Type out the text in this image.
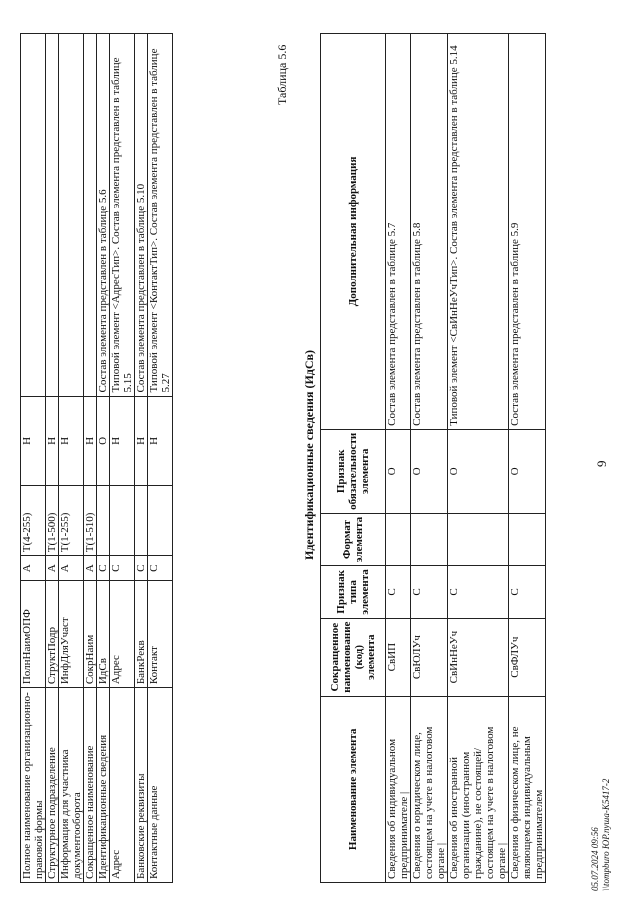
9
Полное наименование организационно-правовой формы	ПолнНаимОПФ	А	T(4-255)	Н	
Структурное подразделение	СтруктПодр	А	T(1-500)	Н	
Информация для участника документооборота	ИнфДляУчаст	А	T(1-255)	Н	
Сокращенное наименование	СокрНаим	А	T(1-510)	Н	
Идентификационные сведения	ИдСв	С		О	Состав элемента представлен в таблице 5.6
Адрес	Адрес	С		Н	Типовой элемент <АдресТип>. Состав элемента представлен в таблице 5.15
Банковские реквизиты	БанкРекв	С		Н	Состав элемента представлен в таблице 5.10
Контактные данные	Контакт	С		Н	Типовой элемент <КонтактТип>. Состав элемента представлен в таблице 5.27
Таблица 5.6
Идентификационные сведения (ИдСв)
Наименование элемента	Сокращенное наименование (код) элемента	Признак типа элемента	Формат элемента	Признак обязательности элемента	Дополнительная информация
Сведения об индивидуальном предпринимателе |	СвИП	С		О	Состав элемента представлен в таблице 5.7
Сведения о юридическом лице, состоящем на учете в налоговом органе |	СвЮЛУч	С		О	Состав элемента представлен в таблице 5.8
Сведения об иностранной организации (иностранном гражданине), не состоящей/состоящем на учете в налоговом органе |	СвИнНеУч	С		О	Типовой элемент <СвИнНеУчТип>. Состав элемента представлен в таблице 5.14
Сведения о физическом лице, не являющемся индивидуальным предпринимателем	СвФЛУч	С		О	Состав элемента представлен в таблице 5.9
05.07.2024 09:56 \\tompburo ЮР.пуша-К5417-2
